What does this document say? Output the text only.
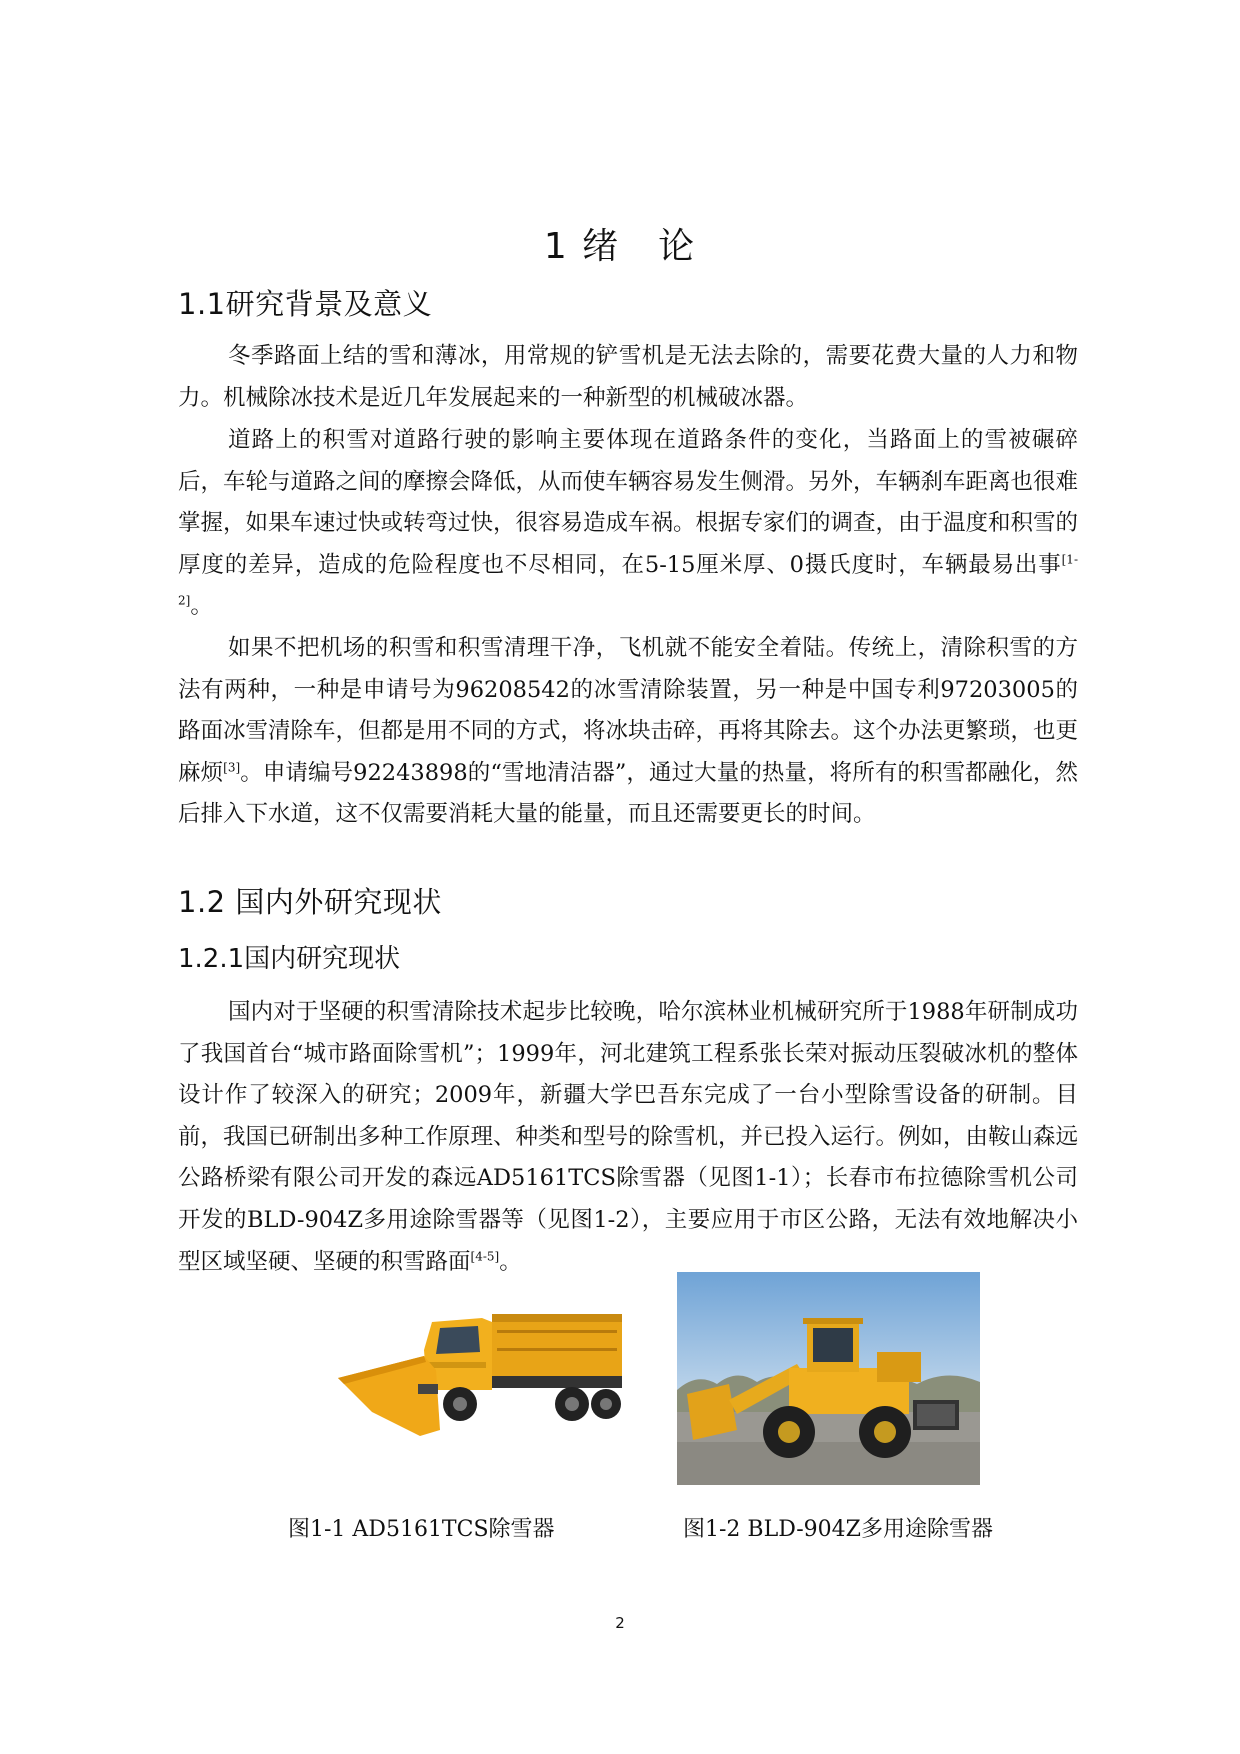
1 绪　论
1.1研究背景及意义

冬季路面上结的雪和薄冰，用常规的铲雪机是无法去除的，需要花费大量的人力和物力。机械除冰技术是近几年发展起来的一种新型的机械破冰器。

道路上的积雪对道路行驶的影响主要体现在道路条件的变化，当路面上的雪被碾碎后，车轮与道路之间的摩擦会降低，从而使车辆容易发生侧滑。另外，车辆刹车距离也很难掌握，如果车速过快或转弯过快，很容易造成车祸。根据专家们的调查，由于温度和积雪的厚度的差异，造成的危险程度也不尽相同，在5-15厘米厚、0摄氏度时，车辆最易出事[1-2]。

如果不把机场的积雪和积雪清理干净，飞机就不能安全着陆。传统上，清除积雪的方法有两种，一种是申请号为96208542的冰雪清除装置，另一种是中国专利97203005的路面冰雪清除车，但都是用不同的方式，将冰块击碎，再将其除去。这个办法更繁琐，也更麻烦[3]。申请编号92243898的“雪地清洁器”，通过大量的热量，将所有的积雪都融化，然后排入下水道，这不仅需要消耗大量的能量，而且还需要更长的时间。

1.2 国内外研究现状
1.2.1国内研究现状

国内对于坚硬的积雪清除技术起步比较晚，哈尔滨林业机械研究所于1988年研制成功了我国首台“城市路面除雪机”；1999年，河北建筑工程系张长荣对振动压裂破冰机的整体设计作了较深入的研究；2009年，新疆大学巴吾东完成了一台小型除雪设备的研制。目前，我国已研制出多种工作原理、种类和型号的除雪机，并已投入运行。例如，由鞍山森远公路桥梁有限公司开发的森远AD5161TCS除雪器（见图1-1）；长春市布拉德除雪机公司开发的BLD-904Z多用途除雪器等（见图1-2），主要应用于市区公路，无法有效地解决小型区域坚硬、坚硬的积雪路面[4-5]。

图1-1 AD5161TCS除雪器	图1-2 BLD-904Z多用途除雪器
2
